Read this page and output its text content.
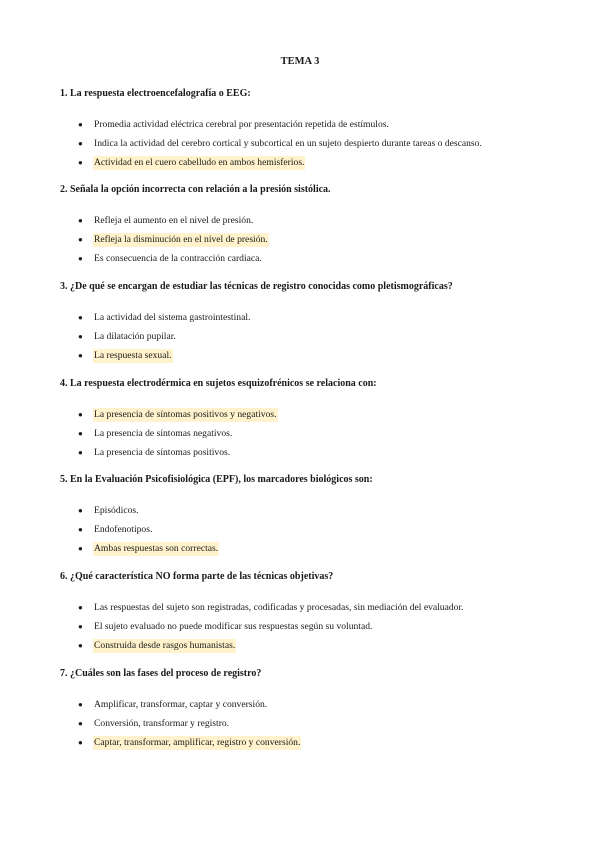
TEMA 3
1. La respuesta electroencefalografía o EEG:
● Promedia actividad eléctrica cerebral por presentación repetida de estímulos.
● Indica la actividad del cerebro cortical y subcortical en un sujeto despierto durante tareas o descanso.
● Actividad en el cuero cabelludo en ambos hemisferios.
2. Señala la opción incorrecta con relación a la presión sistólica.
● Refleja el aumento en el nivel de presión.
● Refleja la disminución en el nivel de presión.
● Es consecuencia de la contracción cardiaca.
3. ¿De qué se encargan de estudiar las técnicas de registro conocidas como pletismográficas?
● La actividad del sistema gastrointestinal.
● La dilatación pupilar.
● La respuesta sexual.
4. La respuesta electrodérmica en sujetos esquizofrénicos se relaciona con:
● La presencia de síntomas positivos y negativos.
● La presencia de síntomas negativos.
● La presencia de síntomas positivos.
5. En la Evaluación Psicofisiológica (EPF), los marcadores biológicos son:
● Episódicos.
● Endofenotipos.
● Ambas respuestas son correctas.
6. ¿Qué característica NO forma parte de las técnicas objetivas?
● Las respuestas del sujeto son registradas, codificadas y procesadas, sin mediación del evaluador.
● El sujeto evaluado no puede modificar sus respuestas según su voluntad.
● Construida desde rasgos humanistas.
7. ¿Cuáles son las fases del proceso de registro?
● Amplificar, transformar, captar y conversión.
● Conversión, transformar y registro.
● Captar, transformar, amplificar, registro y conversión.
